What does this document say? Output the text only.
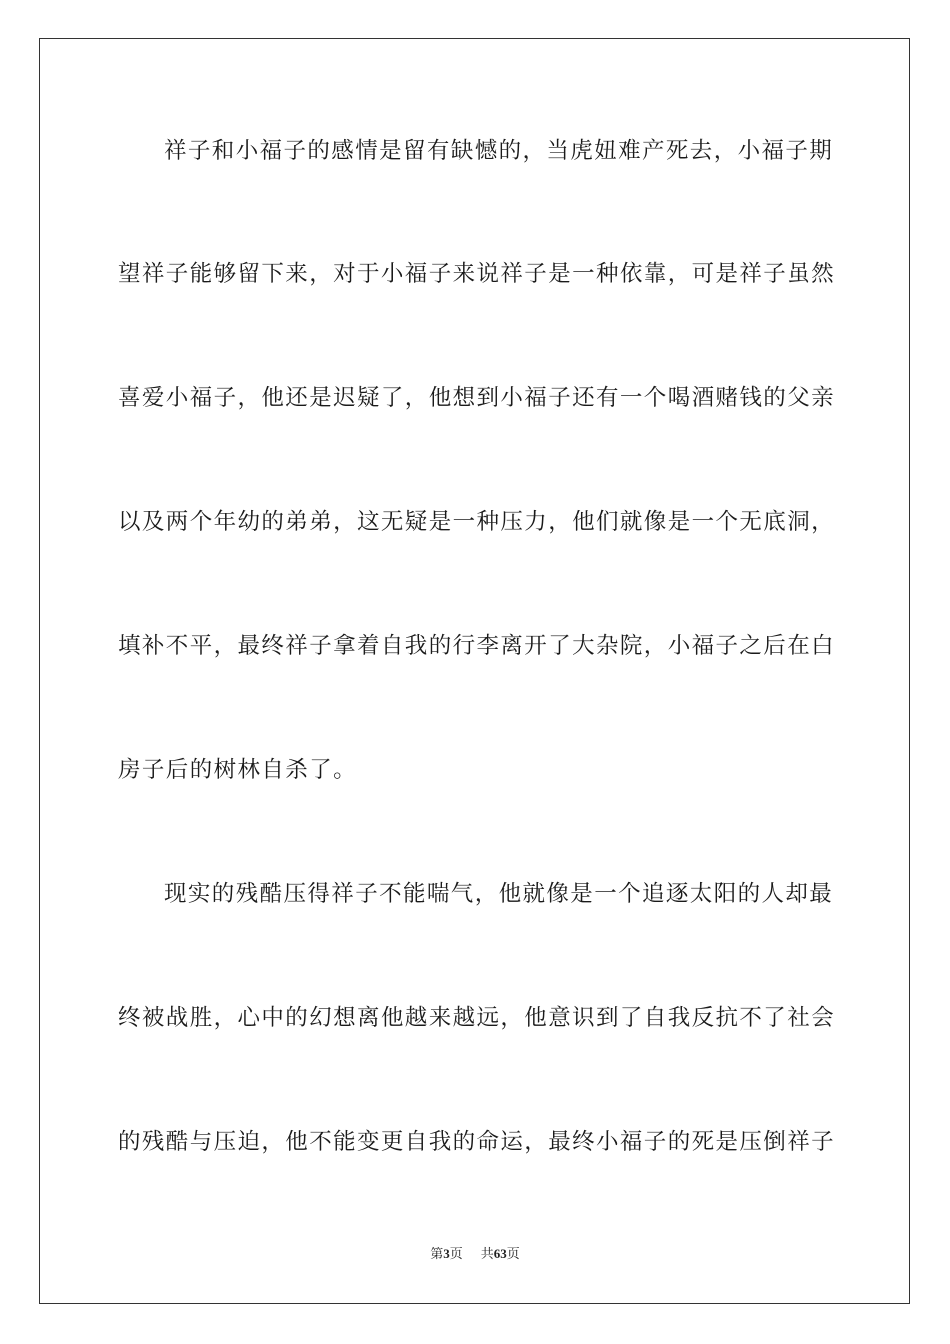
祥子和小福子的感情是留有缺憾的，当虎妞难产死去，小福子期
望祥子能够留下来，对于小福子来说祥子是一种依靠，可是祥子虽然
喜爱小福子，他还是迟疑了，他想到小福子还有一个喝酒赌钱的父亲
以及两个年幼的弟弟，这无疑是一种压力，他们就像是一个无底洞，
填补不平，最终祥子拿着自我的行李离开了大杂院，小福子之后在白
房子后的树林自杀了。
现实的残酷压得祥子不能喘气，他就像是一个追逐太阳的人却最
终被战胜，心中的幻想离他越来越远，他意识到了自我反抗不了社会
的残酷与压迫，他不能变更自我的命运，最终小福子的死是压倒祥子
第3页 共63页
